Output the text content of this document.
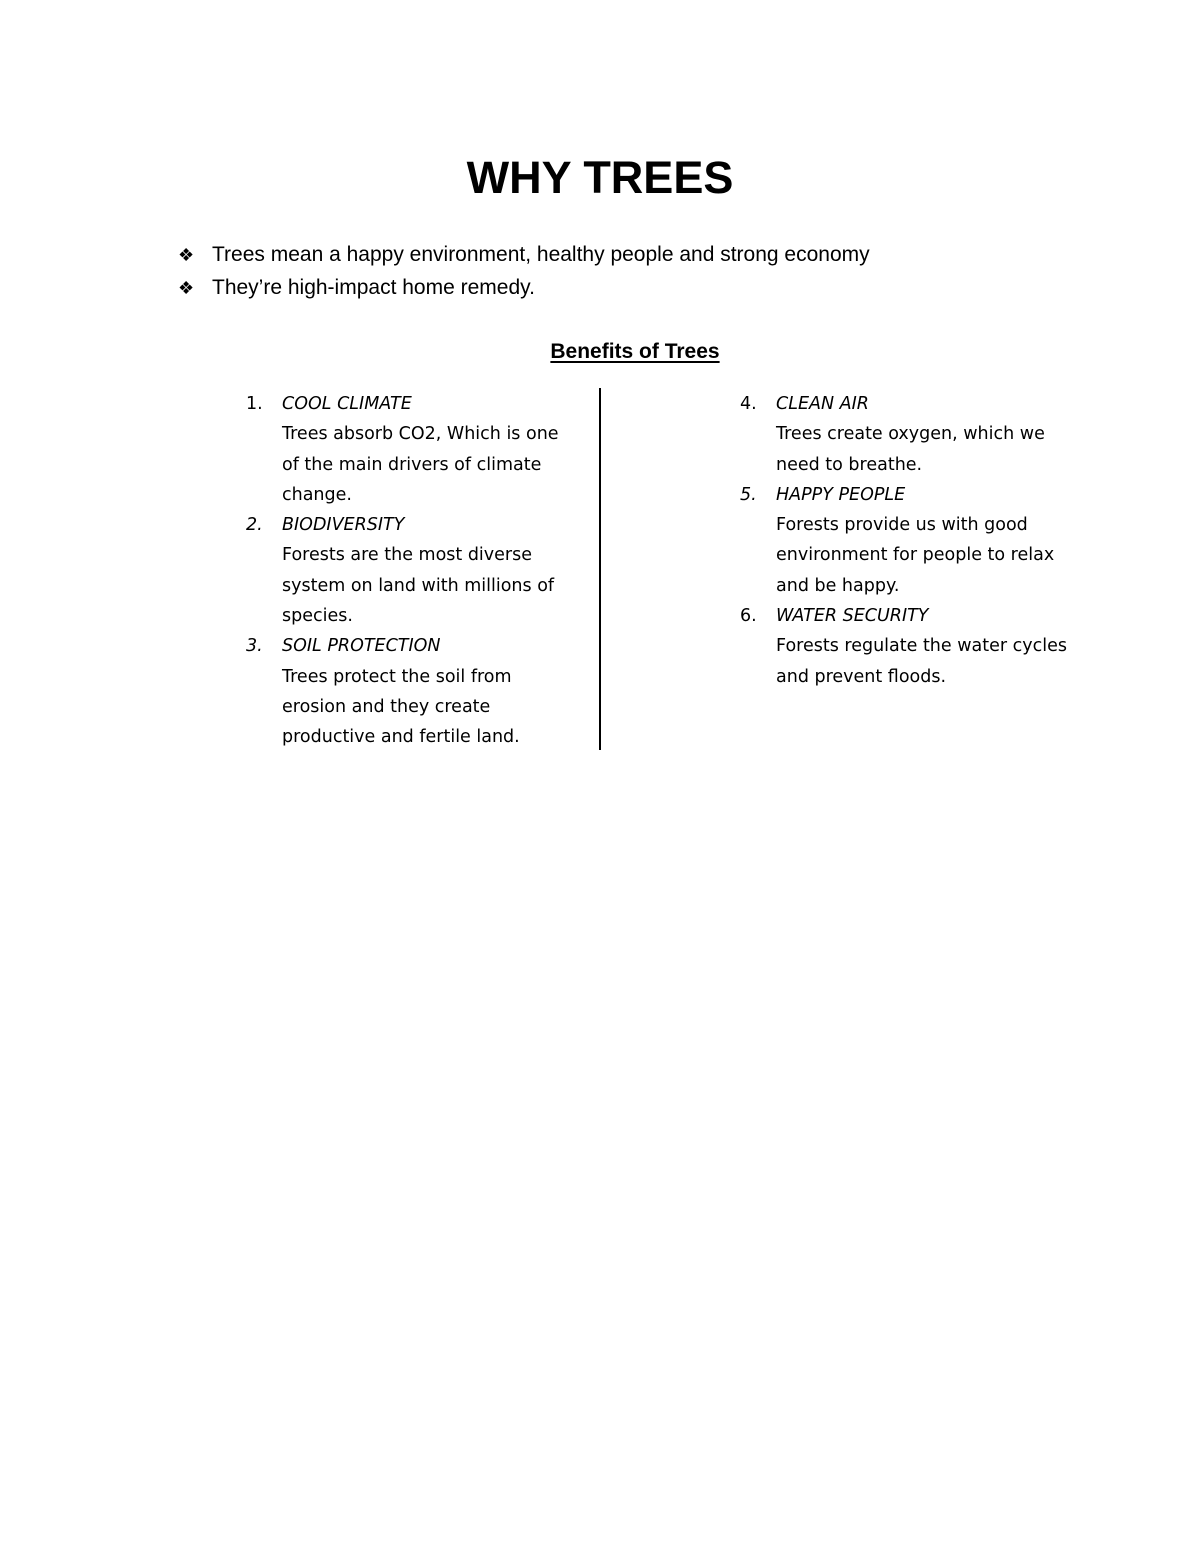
WHY TREES
❖ Trees mean a happy environment, healthy people and strong economy
❖ They’re high-impact home remedy.
Benefits of Trees
1.	COOL CLIMATE
Trees absorb CO2, Which is one of the main drivers of climate change.
2.	BIODIVERSITY
Forests are the most diverse system on land with millions of species.
3.	SOIL PROTECTION
Trees protect the soil from erosion and they create productive and fertile land.
4.	CLEAN AIR
Trees create oxygen, which we need to breathe.
5.	HAPPY PEOPLE
Forests provide us with good environment for people to relax and be happy.
6.	WATER SECURITY
Forests regulate the water cycles and prevent floods.
